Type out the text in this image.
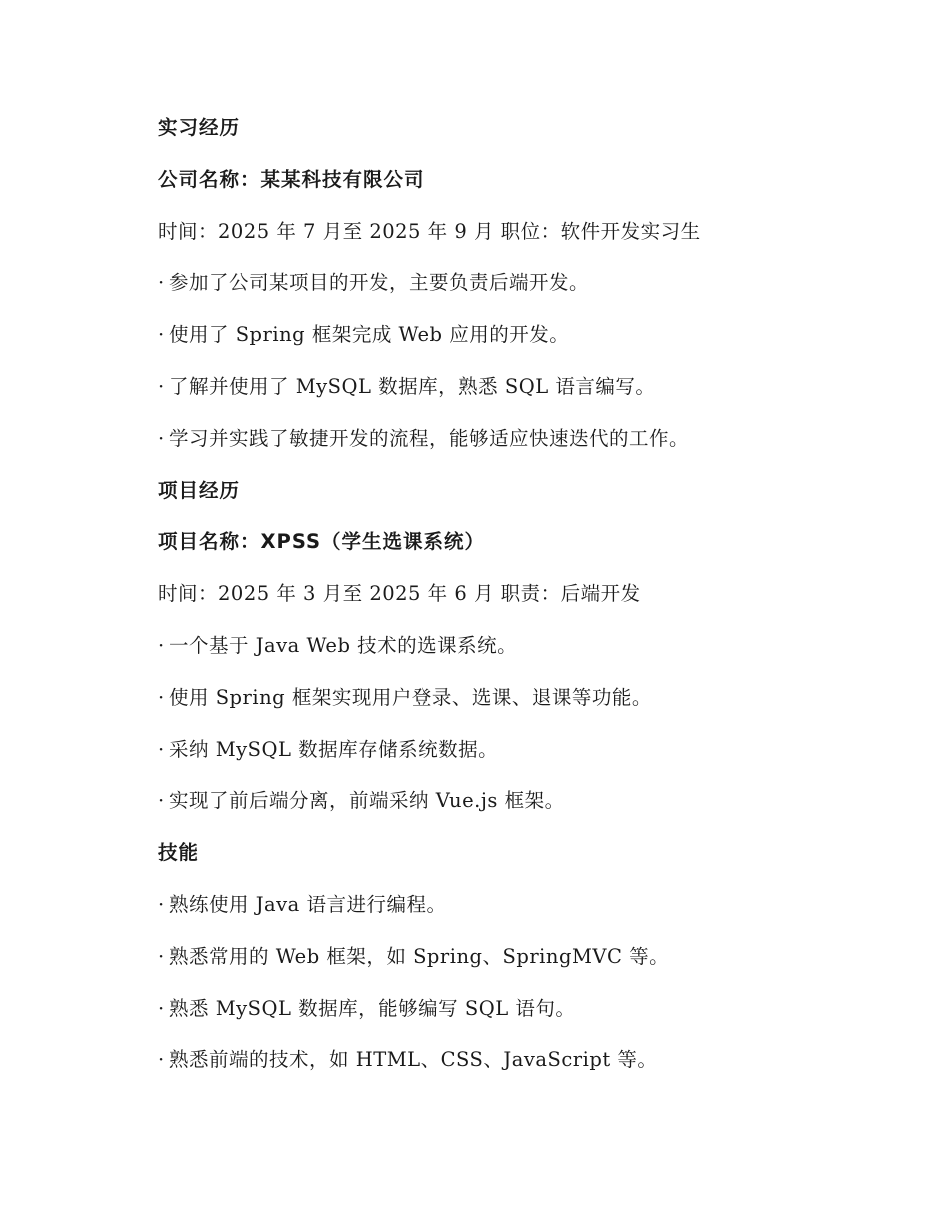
实习经历
公司名称：某某科技有限公司
时间：2025 年 7 月至 2025 年 9 月 职位：软件开发实习生
· 参加了公司某项目的开发，主要负责后端开发。
· 使用了 Spring 框架完成 Web 应用的开发。
· 了解并使用了 MySQL 数据库，熟悉 SQL 语言编写。
· 学习并实践了敏捷开发的流程，能够适应快速迭代的工作。
项目经历
项目名称：XPSS（学生选课系统）
时间：2025 年 3 月至 2025 年 6 月 职责：后端开发
· 一个基于 Java Web 技术的选课系统。
· 使用 Spring 框架实现用户登录、选课、退课等功能。
· 采纳 MySQL 数据库存储系统数据。
· 实现了前后端分离，前端采纳 Vue.js 框架。
技能
· 熟练使用 Java 语言进行编程。
· 熟悉常用的 Web 框架，如 Spring、SpringMVC 等。
· 熟悉 MySQL 数据库，能够编写 SQL 语句。
· 熟悉前端的技术，如 HTML、CSS、JavaScript 等。
